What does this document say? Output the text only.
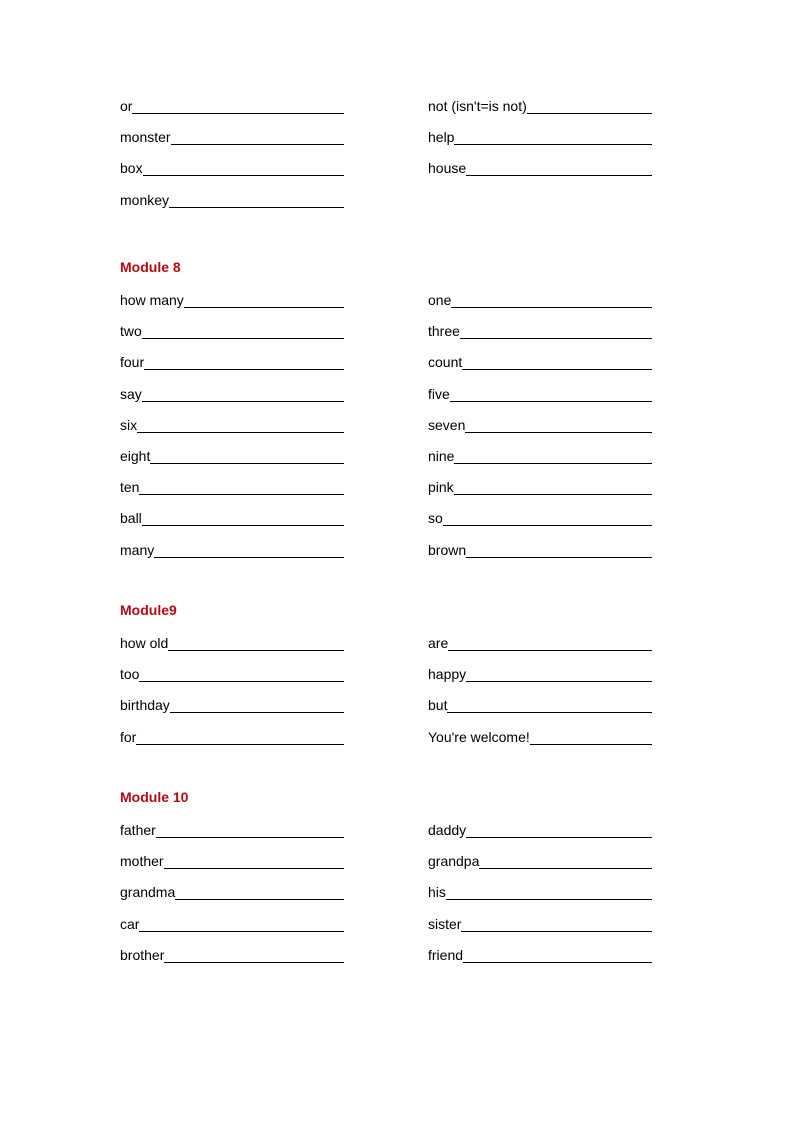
or	not (isn't=is not)
monster	help
box	house
monkey
Module 8
how many	one
two	three
four	count
say	five
six	seven
eight	nine
ten	pink
ball	so
many	brown
Module9
how old	are
too	happy
birthday	but
for	You're welcome!
Module 10
father	daddy
mother	grandpa
grandma	his
car	sister
brother	friend
